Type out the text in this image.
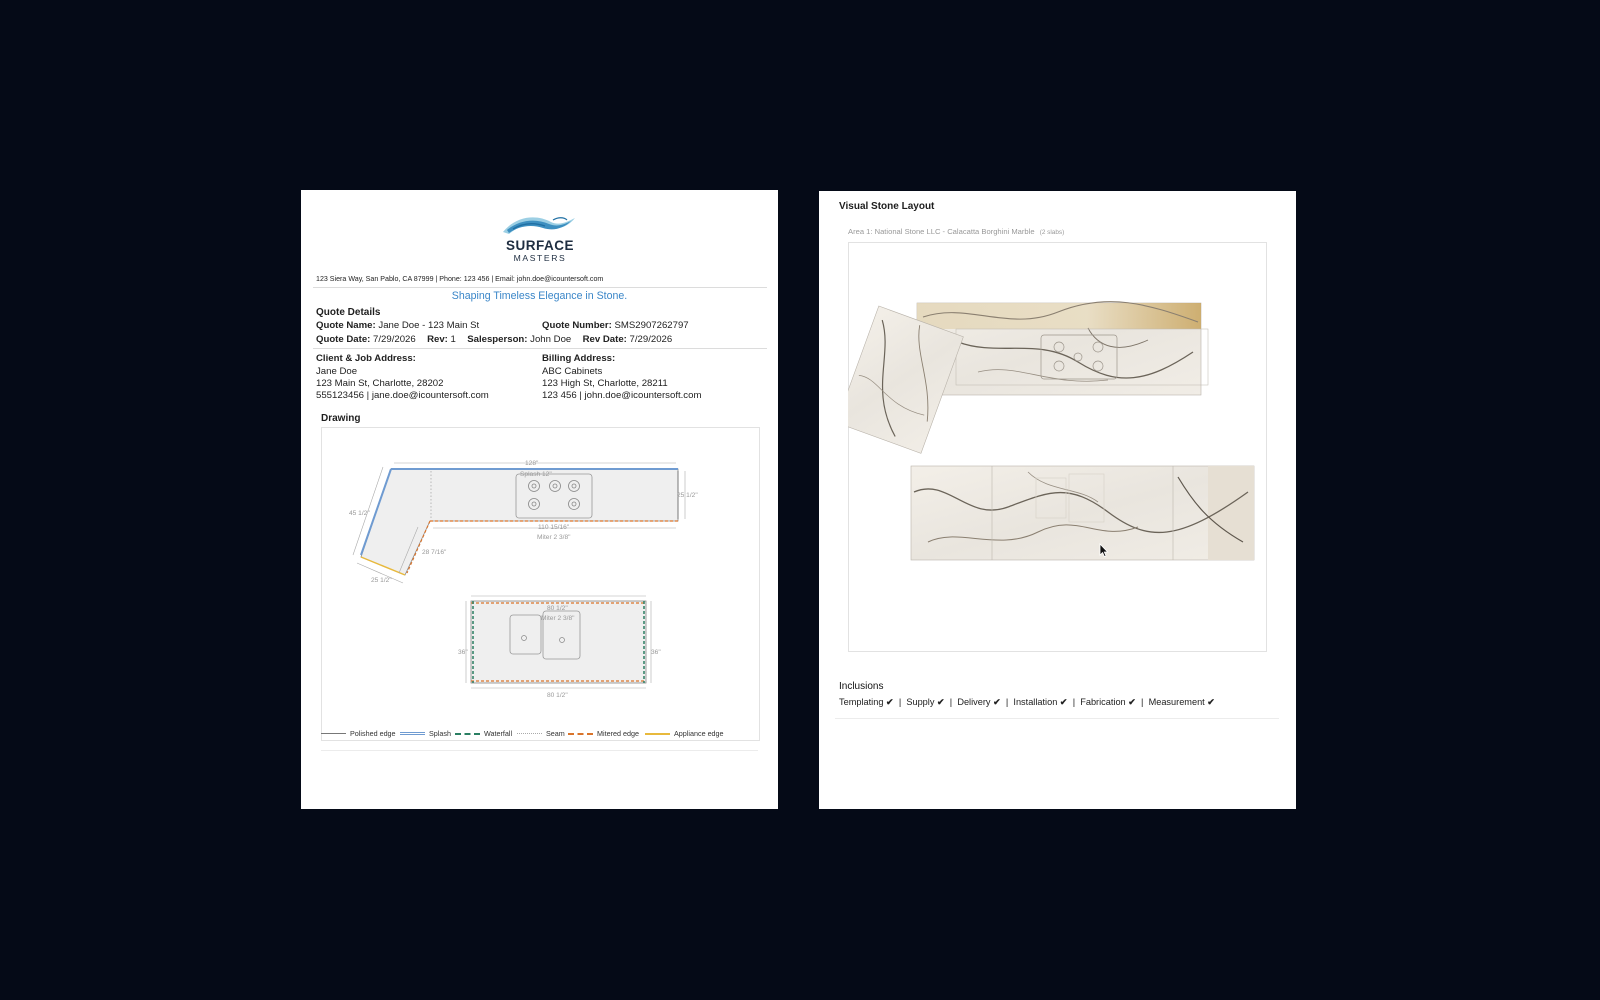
SURFACE
MASTERS
123 Siera Way, San Pablo, CA 87999 | Phone: 123 456 | Email: john.doe@icountersoft.com
Shaping Timeless Elegance in Stone.
Quote Details
Quote Name: Jane Doe - 123 Main St	Quote Number: SMS2907262797
Quote Date: 7/29/2026 Rev: 1 Salesperson: John Doe Rev Date: 7/29/2026
Client & Job Address:
Jane Doe
123 Main St, Charlotte, 28202
555123456 | jane.doe@icountersoft.com
Billing Address:
ABC Cabinets
123 High St, Charlotte, 28211
123 456 | john.doe@icountersoft.com
Drawing
128"
Splash 12"
45 1/2"
25 1/2"
110 15/16"
Miter 2 3/8"
28 7/16"
25 1/2"
80 1/2"
Miter 2 3/8"
36"	36"
80 1/2"
Polished edge	Splash	Waterfall	Seam	Mitered edge	Appliance edge
Visual Stone Layout
Area 1: National Stone LLC - Calacatta Borghini Marble (2 slabs)
Inclusions
Templating ✔  |  Supply ✔  |  Delivery ✔  |  Installation ✔  |  Fabrication ✔  |  Measurement ✔
